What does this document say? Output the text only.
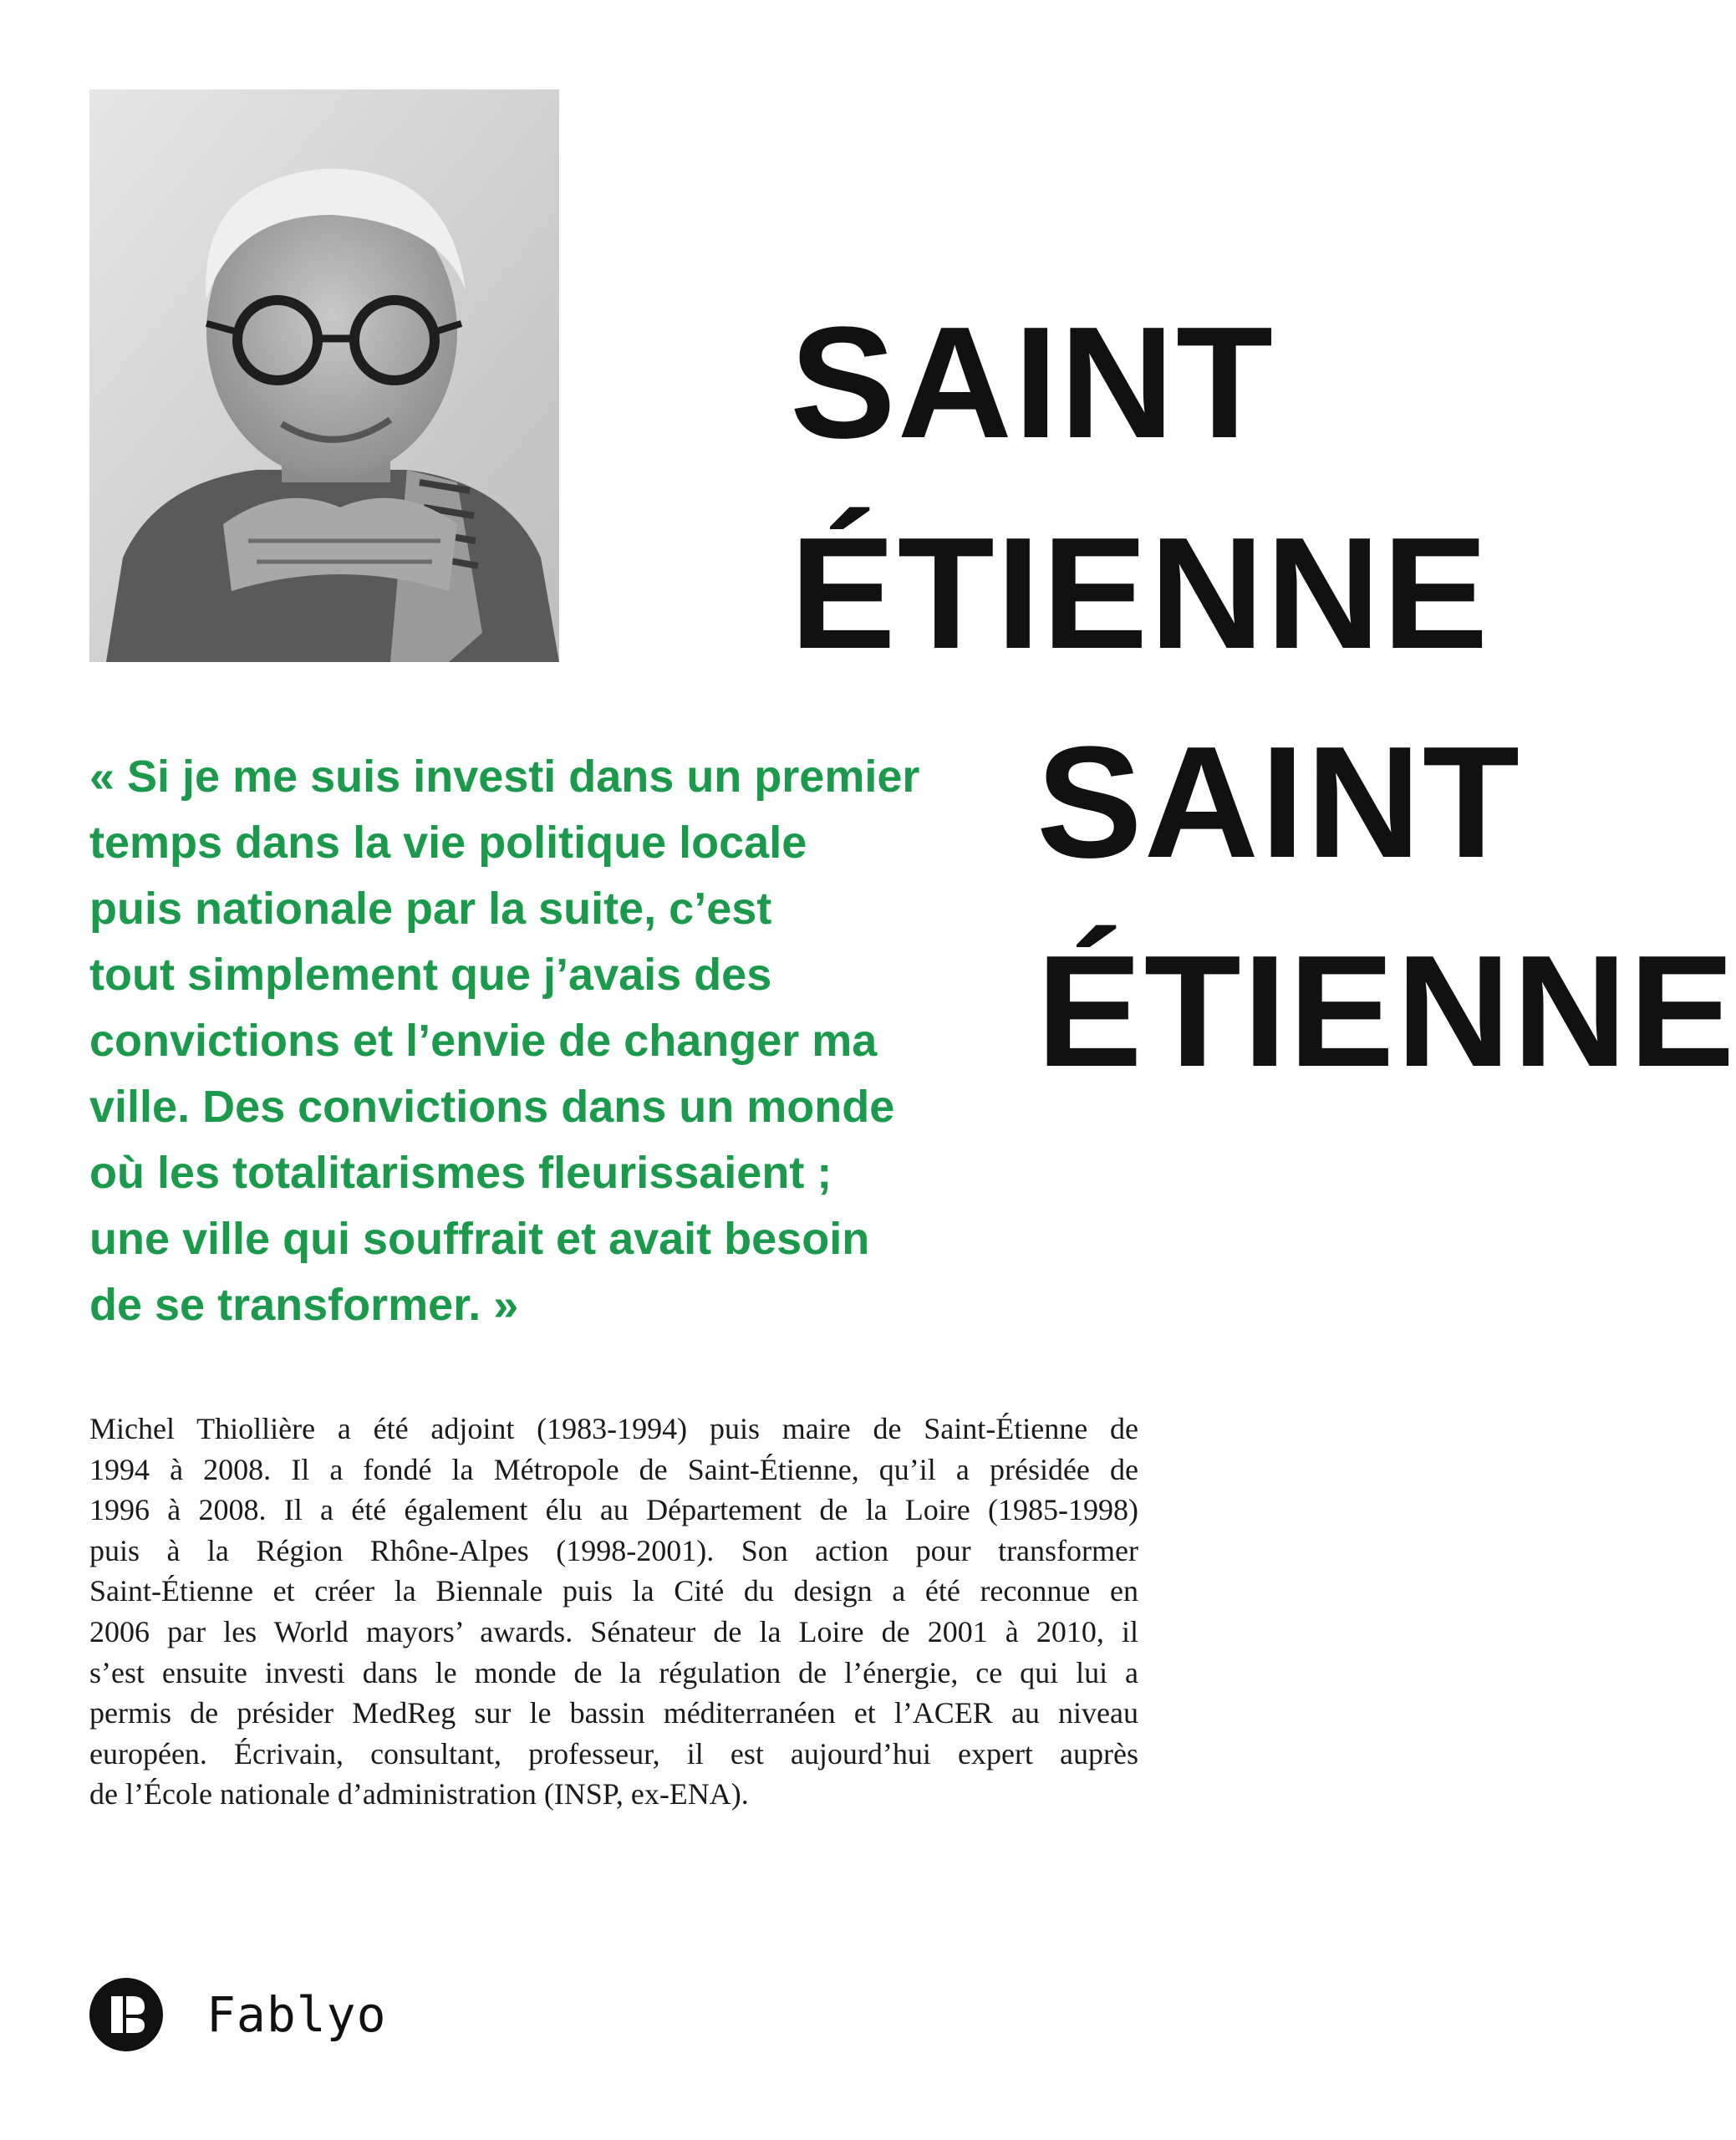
SAINT
ÉTIENNE
SAINT
ÉTIENNE
« Si je me suis investi dans un premier
temps dans la vie politique locale
puis nationale par la suite, c’est
tout simplement que j’avais des
convictions et l’envie de changer ma
ville. Des convictions dans un monde
où les totalitarismes fleurissaient ;
une ville qui souffrait et avait besoin
de se transformer. »
Michel Thiollière a été adjoint (1983-1994) puis maire de Saint-Étienne de
1994 à 2008. Il a fondé la Métropole de Saint-Étienne, qu’il a présidée de
1996 à 2008. Il a été également élu au Département de la Loire (1985-1998)
puis à la Région Rhône-Alpes (1998-2001). Son action pour transformer
Saint-Étienne et créer la Biennale puis la Cité du design a été reconnue en
2006 par les World mayors’ awards. Sénateur de la Loire de 2001 à 2010, il
s’est ensuite investi dans le monde de la régulation de l’énergie, ce qui lui a
permis de présider MedReg sur le bassin méditerranéen et l’ACER au niveau
européen. Écrivain, consultant, professeur, il est aujourd’hui expert auprès
de l’École nationale d’administration (INSP, ex-ENA).
Fablyo
